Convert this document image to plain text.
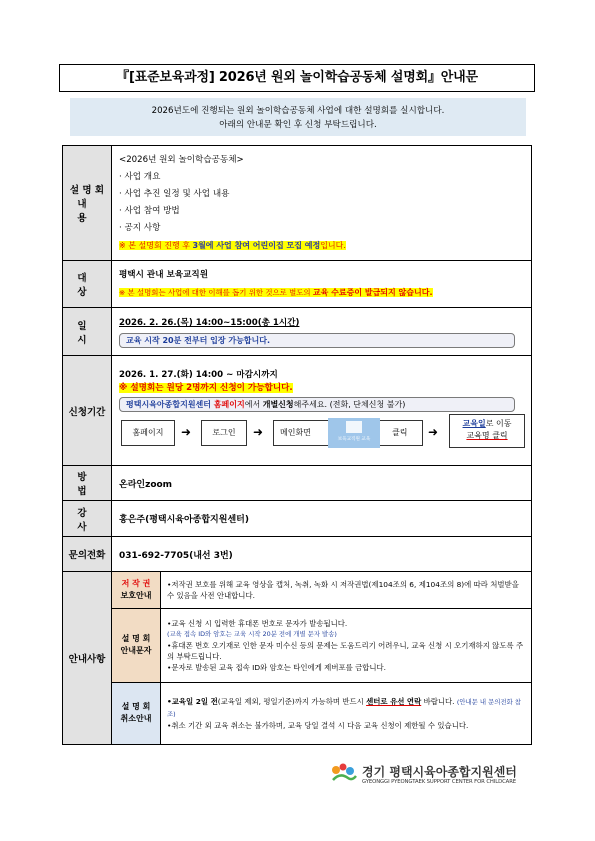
『[표준보육과정] 2026년 원외 놀이학습공동체 설명회』안내문
2026년도에 진행되는 원외 놀이학습공동체 사업에 대한 설명회를 실시합니다.
아래의 안내문 확인 후 신청 부탁드립니다.
설 명 회
내 용

<2026년 원외 놀이학습공동체>
· 사업 개요
· 사업 추진 일정 및 사업 내용
· 사업 참여 방법
· 공지 사항
※ 본 설명회 진행 후 3월에 사업 참여 어린이집 모집 예정입니다.

대 상	
평택시 관내 보육교직원
※ 본 설명회는 사업에 대한 이해를 돕기 위한 것으로 별도의 교육 수료증이 발급되지 않습니다.

일 시	
2026. 2. 26.(목) 14:00~15:00(총 1시간)
교육 시작 20분 전부터 입장 가능합니다.

신청기간	
2026. 1. 27.(화) 14:00 ~ 마감시까지
※ 설명회는 원당 2명까지 신청이 가능합니다.
평택시육아종합지원센터 홈페이지에서 개별신청해주세요. (전화, 단체신청 불가)
홈페이지	➜	로그인	➜	메인화면
보육교직원 교육
클릭 ➜
교육일로 이동
교육명 클릭

방 법	온라인zoom
강 사	홍은주(평택시육아종합지원센터)
문의전화	031-692-7705(내선 3번)
안내사항	
저 작 권
보호안내
	•저작권 보호를 위해 교육 영상을 캡처, 녹취, 녹화 시 저작권법(제104조의 6, 제104조의 8)에 따라 처벌받을 수 있음을 사전 안내합니다.

설 명 회
안내문자

•교육 신청 시 입력한 휴대폰 번호로 문자가 발송됩니다.
(교육 접속 ID와 암호는 교육 시작 20분 전에 개별 문자 발송)
•휴대폰 번호 오기재로 인한 문자 미수신 등의 문제는 도움드리기 어려우니, 교육 신청 시 오기재하지 않도록 주의 부탁드립니다.
•문자로 발송된 교육 접속 ID와 암호는 타인에게 제버포를 금합니다.

설 명 회
취소안내

•교육일 2일 전(교육일 제외, 평일기준)까지 가능하며 반드시 센터로 유선 연락 바랍니다. (안내문 내 문의전화 참조)
•취소 기간 외 교육 취소는 불가하며, 교육 당일 결석 시 다음 교육 신청이 제한될 수 있습니다.
경기 평택시육아종합지원센터
GYEONGGI PYEONGTAEK SUPPORT CENTER FOR CHILDCARE
